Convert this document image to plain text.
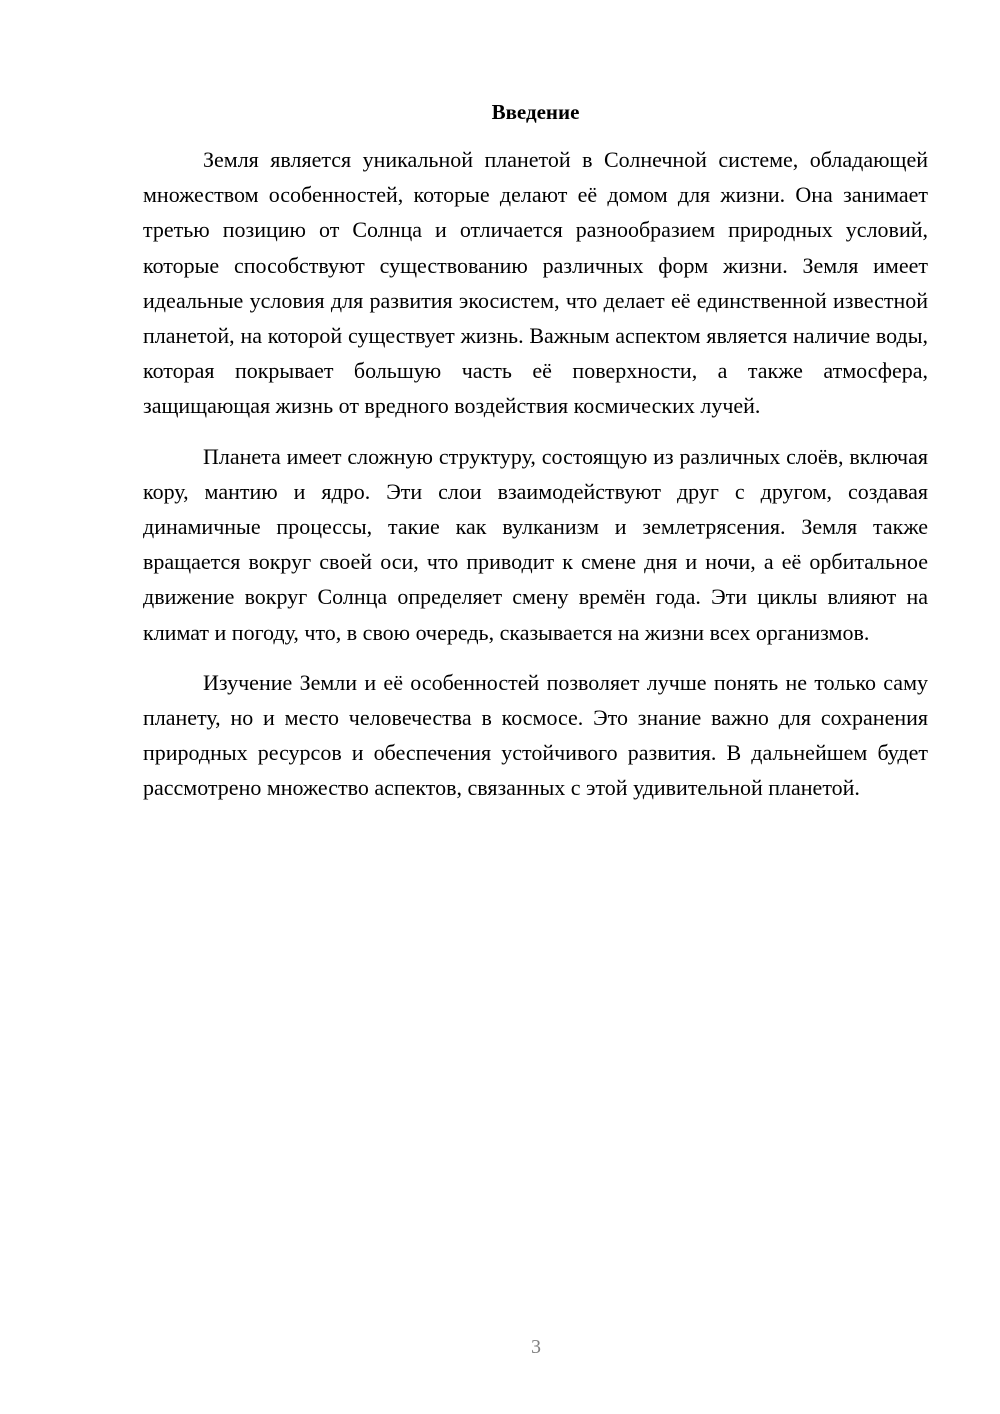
Введение

Земля является уникальной планетой в Солнечной системе, обладающей множеством особенностей, которые делают её домом для жизни. Она занимает третью позицию от Солнца и отличается разнообразием природных условий, которые способствуют существованию различных форм жизни. Земля имеет идеальные условия для развития экосистем, что делает её единственной известной планетой, на которой существует жизнь. Важным аспектом является наличие воды, которая покрывает большую часть её поверхности, а также атмосфера, защищающая жизнь от вредного воздействия космических лучей.

Планета имеет сложную структуру, состоящую из различных слоёв, включая кору, мантию и ядро. Эти слои взаимодействуют друг с другом, создавая динамичные процессы, такие как вулканизм и землетрясения. Земля также вращается вокруг своей оси, что приводит к смене дня и ночи, а её орбитальное движение вокруг Солнца определяет смену времён года. Эти циклы влияют на климат и погоду, что, в свою очередь, сказывается на жизни всех организмов.

Изучение Земли и её особенностей позволяет лучше понять не только саму планету, но и место человечества в космосе. Это знание важно для сохранения природных ресурсов и обеспечения устойчивого развития. В дальнейшем будет рассмотрено множество аспектов, связанных с этой удивительной планетой.

3
